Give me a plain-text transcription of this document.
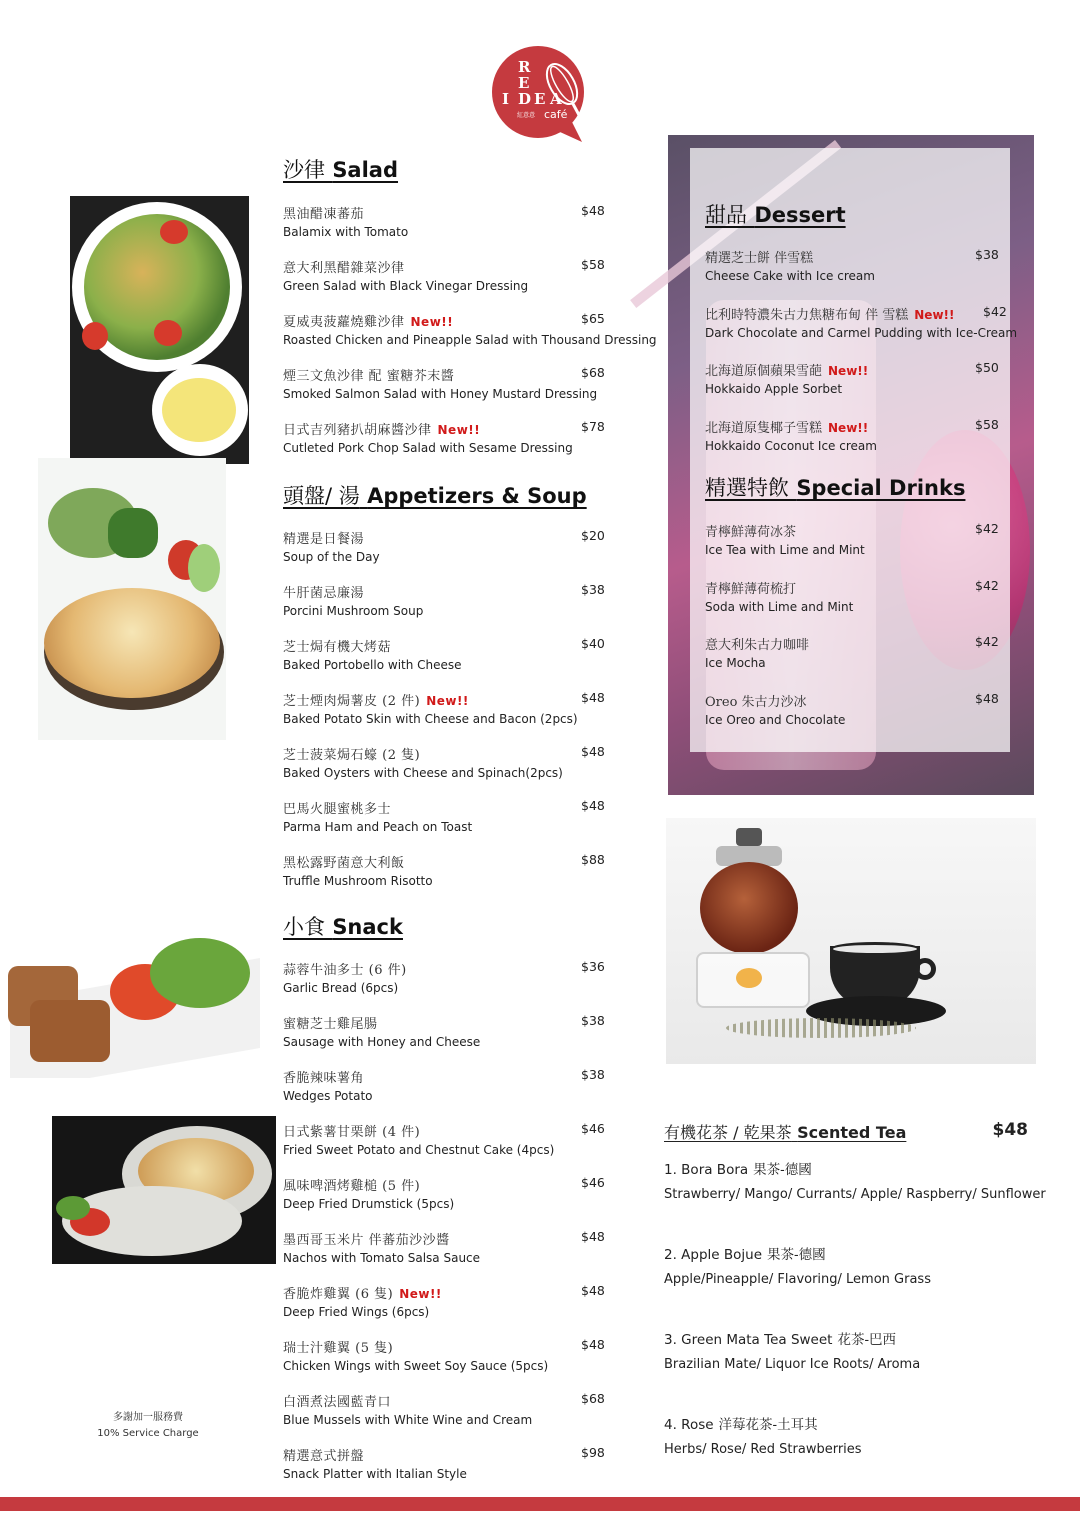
R
E
I D E A
紅意意 café
沙律 Salad
黑油醋凍蕃茄
Balamix with Tomato
$48
意大利黑醋雜菜沙律
Green Salad with Black Vinegar Dressing
$58
夏威夷菠蘿燒雞沙律 New!!
Roasted Chicken and Pineapple Salad with Thousand Dressing
$65
煙三文魚沙律 配 蜜糖芥末醬
Smoked Salmon Salad with Honey Mustard Dressing
$68
日式吉列豬扒胡麻醬沙律 New!!
Cutleted Pork Chop Salad with Sesame Dressing
$78
頭盤/ 湯 Appetizers & Soup
精選是日餐湯
Soup of the Day
$20
牛肝菌忌廉湯
Porcini Mushroom Soup
$38
芝士焗有機大烤菇
Baked Portobello with Cheese
$40
芝士煙肉焗薯皮 (2 件) New!!
Baked Potato Skin with Cheese and Bacon (2pcs)
$48
芝士菠菜焗石蠔 (2 隻)
Baked Oysters with Cheese and Spinach(2pcs)
$48
巴馬火腿蜜桃多士
Parma Ham and Peach on Toast
$48
黑松露野菌意大利飯
Truffle Mushroom Risotto
$88
小食 Snack
蒜蓉牛油多士 (6 件)
Garlic Bread (6pcs)
$36
蜜糖芝士雞尾腸
Sausage with Honey and Cheese
$38
香脆辣味薯角
Wedges Potato
$38
日式紫薯甘栗餅 (4 件)
Fried Sweet Potato and Chestnut Cake (4pcs)
$46
風味啤酒烤雞槌 (5 件)
Deep Fried Drumstick (5pcs)
$46
墨西哥玉米片 伴蕃茄沙沙醬
Nachos with Tomato Salsa Sauce
$48
香脆炸雞翼 (6 隻) New!!
Deep Fried Wings (6pcs)
$48
瑞士汁雞翼 (5 隻)
Chicken Wings with Sweet Soy Sauce (5pcs)
$48
白酒煮法國藍青口
Blue Mussels with White Wine and Cream
$68
精選意式拼盤
Snack Platter with Italian Style
$98
甜品 Dessert
精選芝士餅 伴雪糕
Cheese Cake with Ice cream
$38
比利時特濃朱古力焦糖布甸 伴 雪糕 New!!
Dark Chocolate and Carmel Pudding with Ice-Cream
$42
北海道原個蘋果雪葩 New!!
Hokkaido Apple Sorbet
$50
北海道原隻椰子雪糕 New!!
Hokkaido Coconut Ice cream
$58
精選特飲 Special Drinks
青檸鮮薄荷冰茶
Ice Tea with Lime and Mint
$42
青檸鮮薄荷梳打
Soda with Lime and Mint
$42
意大利朱古力咖啡
Ice Mocha
$42
Oreo 朱古力沙冰
Ice Oreo and Chocolate
$48
有機花茶 / 乾果茶 Scented Tea	$48
1. Bora Bora 果茶-德國
Strawberry/ Mango/ Currants/ Apple/ Raspberry/ Sunflower
2. Apple Bojue 果茶-德國
Apple/Pineapple/ Flavoring/ Lemon Grass
3. Green Mata Tea Sweet 花茶-巴西
Brazilian Mate/ Liquor Ice Roots/ Aroma
4. Rose 洋莓花茶-土耳其
Herbs/ Rose/ Red Strawberries
多謝加一服務費
10% Service Charge
